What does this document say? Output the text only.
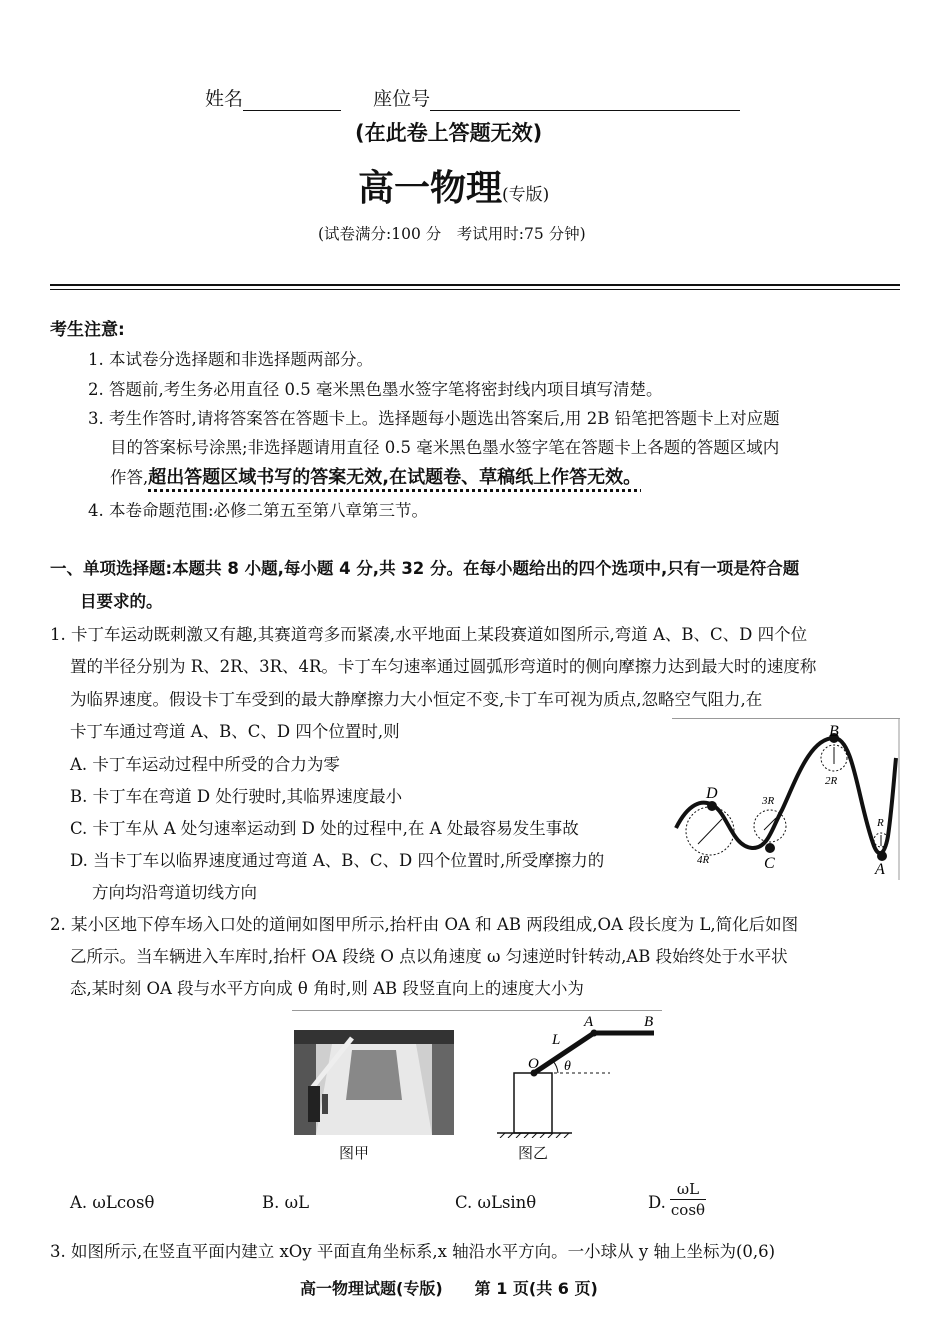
姓名	座位号
(在此卷上答题无效)
高一物理(专版)
(试卷满分:100 分　考试用时:75 分钟)
考生注意:
1. 本试卷分选择题和非选择题两部分。
2. 答题前,考生务必用直径 0.5 毫米黑色墨水签字笔将密封线内项目填写清楚。
3. 考生作答时,请将答案答在答题卡上。选择题每小题选出答案后,用 2B 铅笔把答题卡上对应题
目的答案标号涂黑;非选择题请用直径 0.5 毫米黑色墨水签字笔在答题卡上各题的答题区域内
作答,超出答题区域书写的答案无效,在试题卷、草稿纸上作答无效。
4. 本卷命题范围:必修二第五至第八章第三节。
一、单项选择题:本题共 8 小题,每小题 4 分,共 32 分。在每小题给出的四个选项中,只有一项是符合题
目要求的。
1. 卡丁车运动既刺激又有趣,其赛道弯多而紧凑,水平地面上某段赛道如图所示,弯道 A、B、C、D 四个位
置的半径分别为 R、2R、3R、4R。卡丁车匀速率通过圆弧形弯道时的侧向摩擦力达到最大时的速度称
为临界速度。假设卡丁车受到的最大静摩擦力大小恒定不变,卡丁车可视为质点,忽略空气阻力,在
卡丁车通过弯道 A、B、C、D 四个位置时,则
A. 卡丁车运动过程中所受的合力为零
B. 卡丁车在弯道 D 处行驶时,其临界速度最小
C. 卡丁车从 A 处匀速率运动到 D 处的过程中,在 A 处最容易发生事故
D. 当卡丁车以临界速度通过弯道 A、B、C、D 四个位置时,所受摩擦力的
方向均沿弯道切线方向
D
C
B
A
4R
3R
2R
R
2. 某小区地下停车场入口处的道闸如图甲所示,抬杆由 OA 和 AB 两段组成,OA 段长度为 L,简化后如图
乙所示。当车辆进入车库时,抬杆 OA 段绕 O 点以角速度 ω 匀速逆时针转动,AB 段始终处于水平状
态,某时刻 OA 段与水平方向成 θ 角时,则 AB 段竖直向上的速度大小为
O
A	B
L
θ
图甲	图乙
A. ωLcosθ	B. ωL	C. ωLsinθ	D. $\frac{\omega L}{\cos\theta}$
3. 如图所示,在竖直平面内建立 xOy 平面直角坐标系,x 轴沿水平方向。一小球从 y 轴上坐标为(0,6)
高一物理试题(专版)　　第 1 页(共 6 页)
